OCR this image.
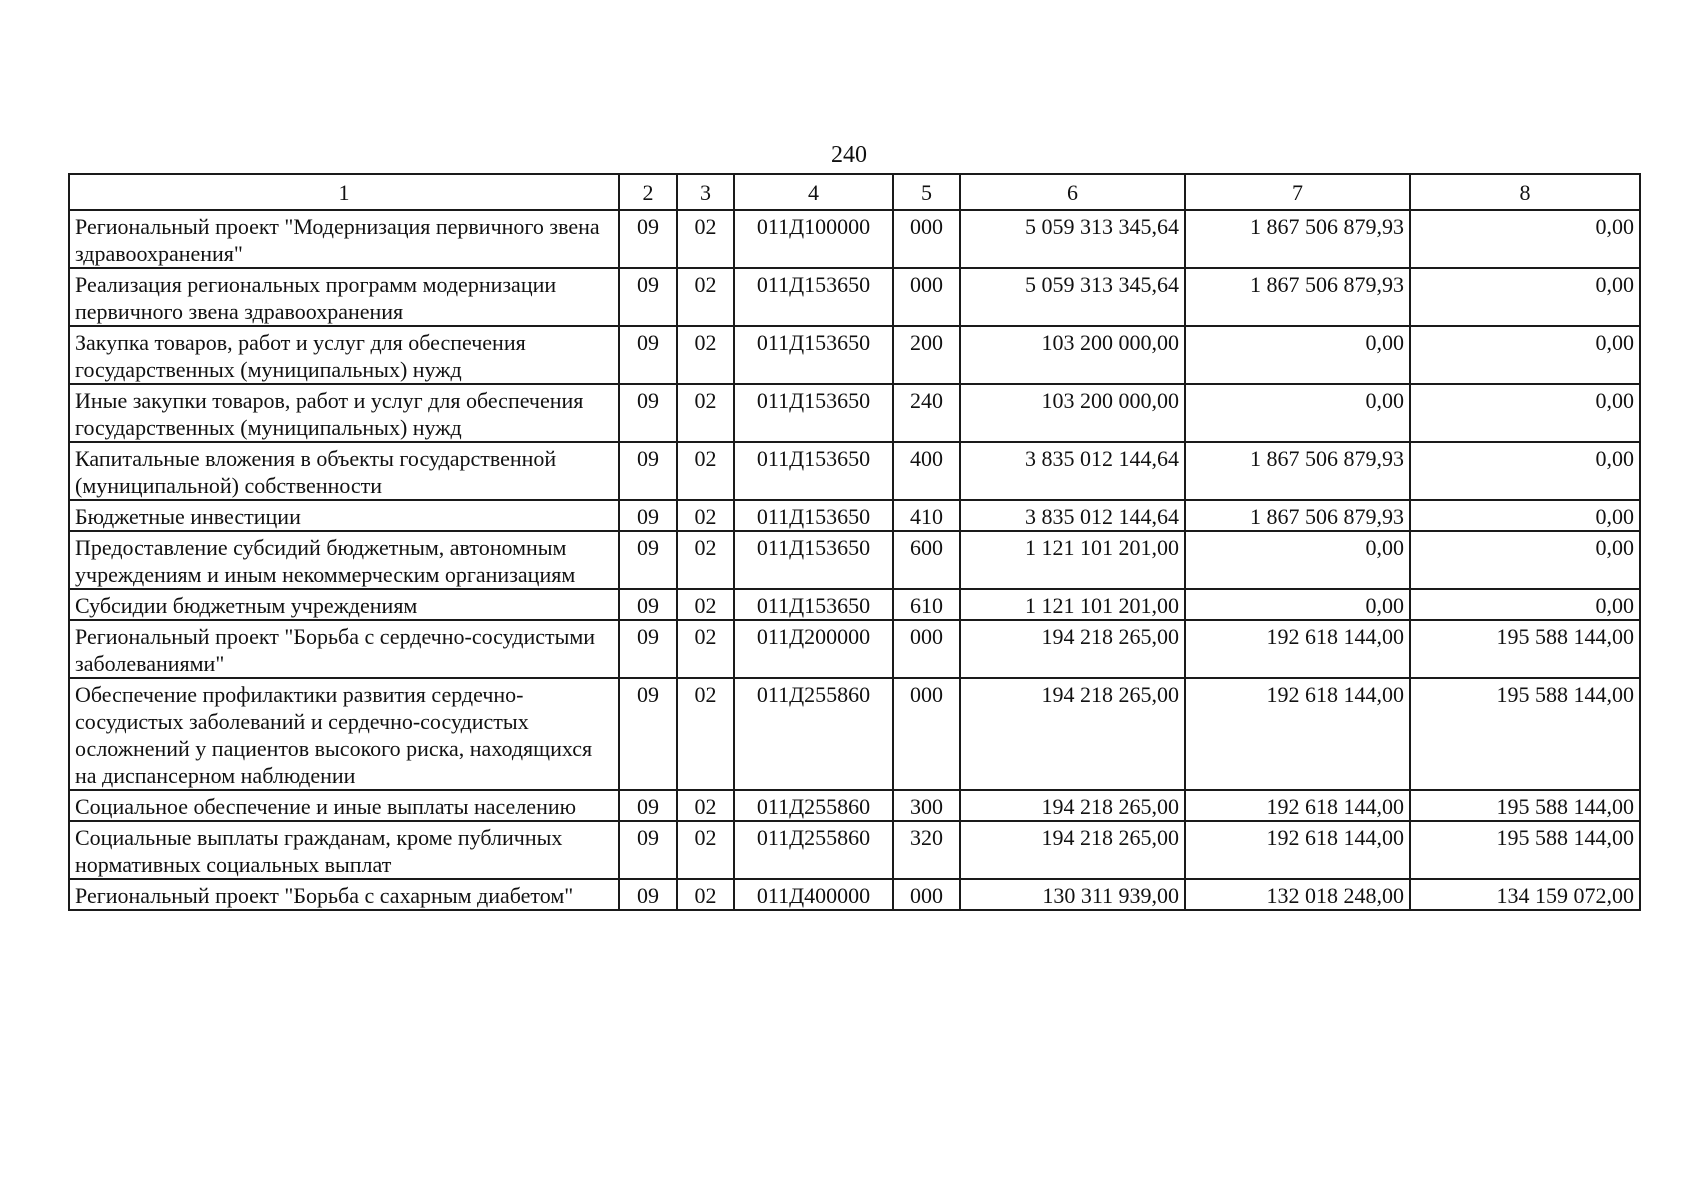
240
1	2	3	4	5	6	7	8
Региональный проект "Модернизация первичного звена здравоохранения"	09	02	011Д100000	000	5 059 313 345,64	1 867 506 879,93	0,00
Реализация региональных программ модернизации первичного звена здравоохранения	09	02	011Д153650	000	5 059 313 345,64	1 867 506 879,93	0,00
Закупка товаров, работ и услуг для обеспечения государственных (муниципальных) нужд	09	02	011Д153650	200	103 200 000,00	0,00	0,00
Иные закупки товаров, работ и услуг для обеспечения государственных (муниципальных) нужд	09	02	011Д153650	240	103 200 000,00	0,00	0,00
Капитальные вложения в объекты государственной (муниципальной) собственности	09	02	011Д153650	400	3 835 012 144,64	1 867 506 879,93	0,00
Бюджетные инвестиции	09	02	011Д153650	410	3 835 012 144,64	1 867 506 879,93	0,00
Предоставление субсидий бюджетным, автономным учреждениям и иным некоммерческим организациям	09	02	011Д153650	600	1 121 101 201,00	0,00	0,00
Субсидии бюджетным учреждениям	09	02	011Д153650	610	1 121 101 201,00	0,00	0,00
Региональный проект "Борьба с сердечно-сосудистыми заболеваниями"	09	02	011Д200000	000	194 218 265,00	192 618 144,00	195 588 144,00
Обеспечение профилактики развития сердечно-сосудистых заболеваний и сердечно-сосудистых осложнений у пациентов высокого риска, находящихся на диспансерном наблюдении	09	02	011Д255860	000	194 218 265,00	192 618 144,00	195 588 144,00
Социальное обеспечение и иные выплаты населению	09	02	011Д255860	300	194 218 265,00	192 618 144,00	195 588 144,00
Социальные выплаты гражданам, кроме публичных нормативных социальных выплат	09	02	011Д255860	320	194 218 265,00	192 618 144,00	195 588 144,00
Региональный проект "Борьба с сахарным диабетом"	09	02	011Д400000	000	130 311 939,00	132 018 248,00	134 159 072,00
